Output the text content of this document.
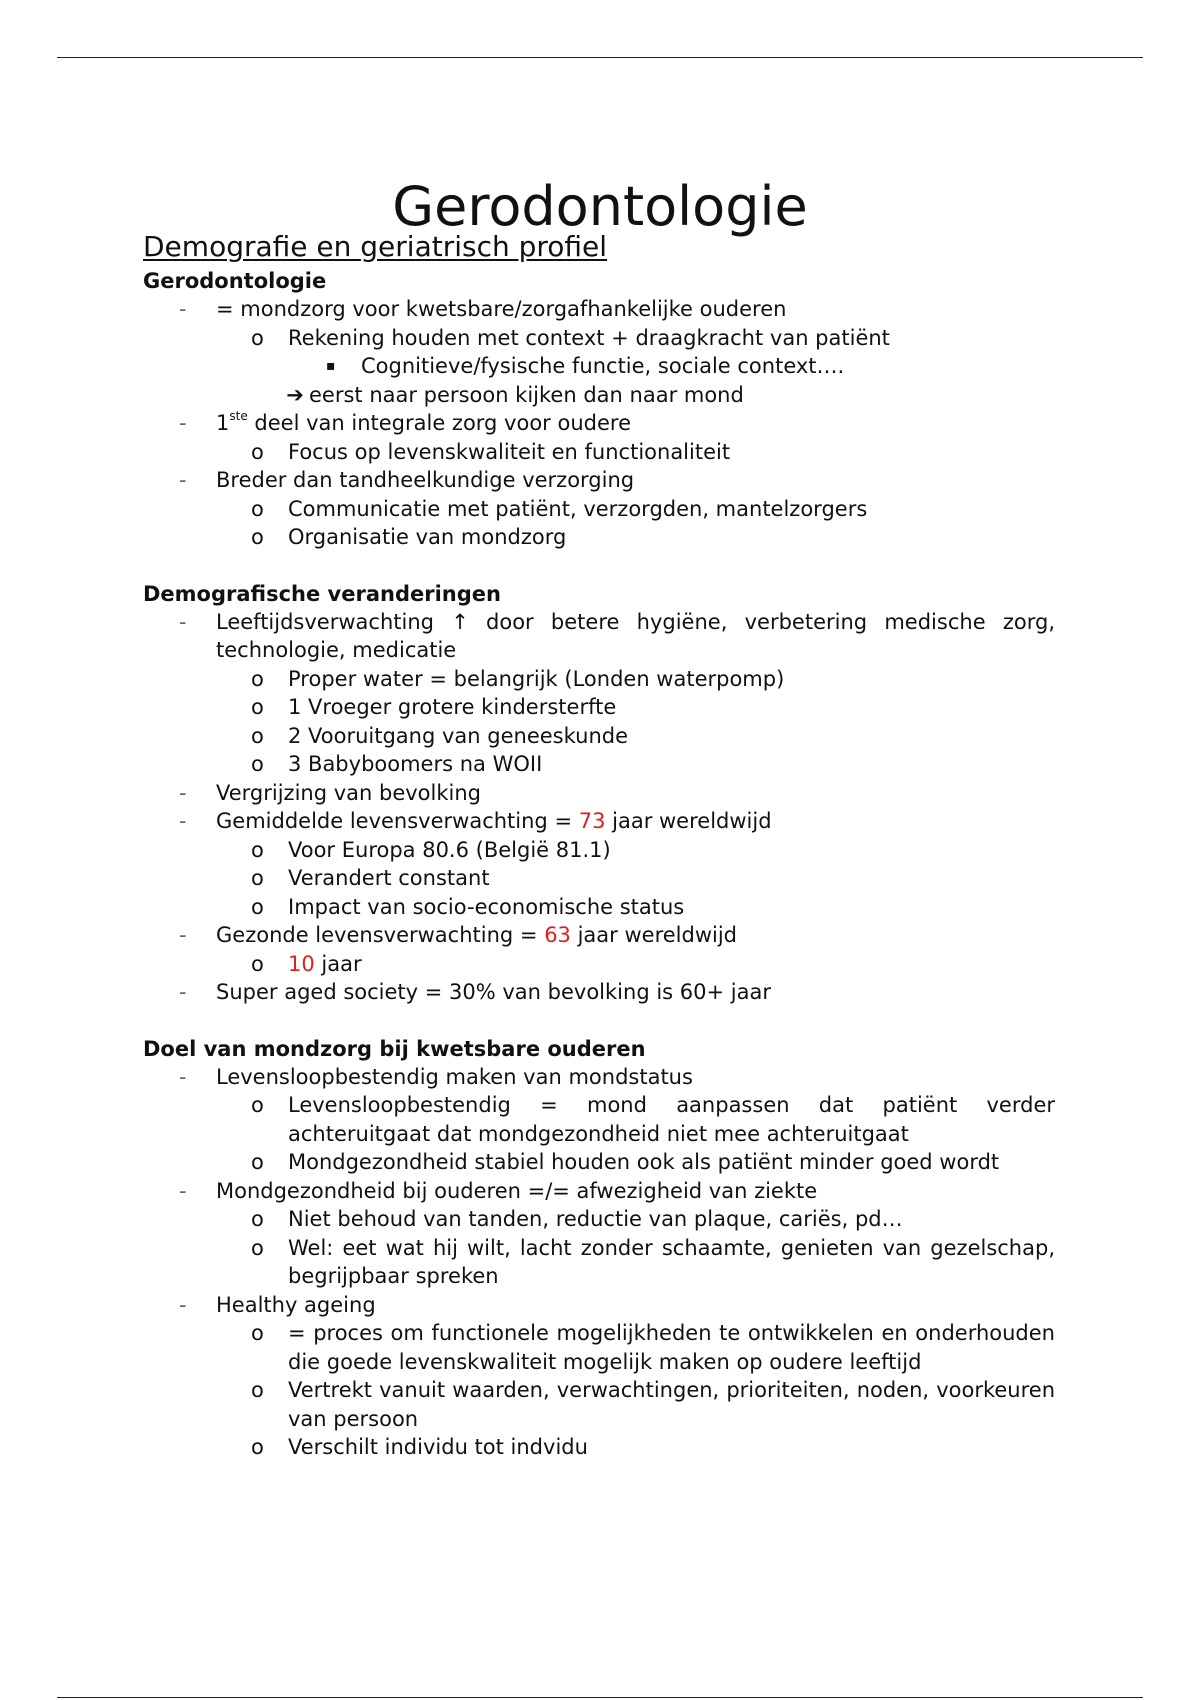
Gerodontologie
Demografie en geriatrisch profiel
Gerodontologie
- = mondzorg voor kwetsbare/zorgafhankelijke ouderen
o Rekening houden met context + draagkracht van patiënt
▪ Cognitieve/fysische functie, sociale context….
➔ eerst naar persoon kijken dan naar mond
- 1ste deel van integrale zorg voor oudere
o Focus op levenskwaliteit en functionaliteit
- Breder dan tandheelkundige verzorging
o Communicatie met patiënt, verzorgden, mantelzorgers
o Organisatie van mondzorg
Demografische veranderingen
- Leeftijdsverwachting ↑ door betere hygiëne, verbetering medische zorg, technologie, medicatie
o Proper water = belangrijk (Londen waterpomp)
o 1 Vroeger grotere kindersterfte
o 2 Vooruitgang van geneeskunde
o 3 Babyboomers na WOII
- Vergrijzing van bevolking
- Gemiddelde levensverwachting = 73 jaar wereldwijd
o Voor Europa 80.6 (België 81.1)
o Verandert constant
o Impact van socio-economische status
- Gezonde levensverwachting = 63 jaar wereldwijd
o 10 jaar
- Super aged society = 30% van bevolking is 60+ jaar
Doel van mondzorg bij kwetsbare ouderen
- Levensloopbestendig maken van mondstatus
o Levensloopbestendig = mond aanpassen dat patiënt verder achteruitgaat dat mondgezondheid niet mee achteruitgaat
o Mondgezondheid stabiel houden ook als patiënt minder goed wordt
- Mondgezondheid bij ouderen =/= afwezigheid van ziekte
o Niet behoud van tanden, reductie van plaque, cariës, pd…
o Wel: eet wat hij wilt, lacht zonder schaamte, genieten van gezelschap, begrijpbaar spreken
- Healthy ageing
o = proces om functionele mogelijkheden te ontwikkelen en onderhouden die goede levenskwaliteit mogelijk maken op oudere leeftijd
o Vertrekt vanuit waarden, verwachtingen, prioriteiten, noden, voorkeuren van persoon
o Verschilt individu tot indvidu
